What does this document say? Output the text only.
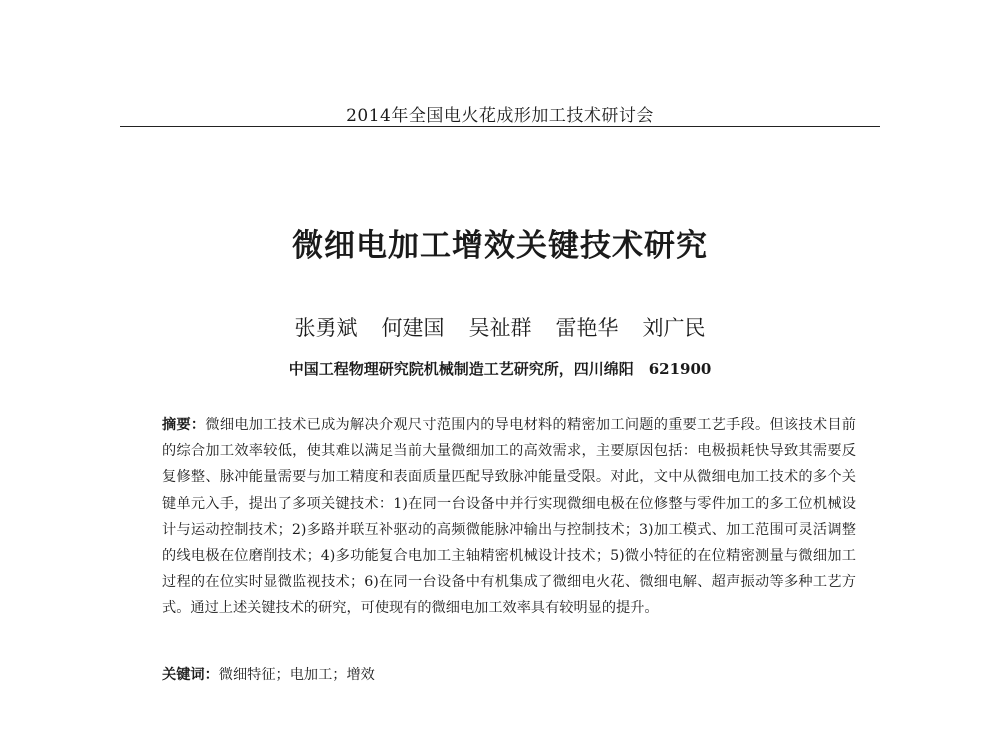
2014年全国电火花成形加工技术研讨会
微细电加工增效关键技术研究
张勇斌 何建国 吴祉群 雷艳华 刘广民
中国工程物理研究院机械制造工艺研究所，四川绵阳　621900

摘要：微细电加工技术已成为解决介观尺寸范围内的导电材料的精密加工问题的重要工艺手段。但该技术目前的综合加工效率较低，使其难以满足当前大量微细加工的高效需求，主要原因包括：电极损耗快导致其需要反复修整、脉冲能量需要与加工精度和表面质量匹配导致脉冲能量受限。对此，文中从微细电加工技术的多个关键单元入手，提出了多项关键技术：1)在同一台设备中并行实现微细电极在位修整与零件加工的多工位机械设计与运动控制技术；2)多路并联互补驱动的高频微能脉冲输出与控制技术；3)加工模式、加工范围可灵活调整的线电极在位磨削技术；4)多功能复合电加工主轴精密机械设计技术；5)微小特征的在位精密测量与微细加工过程的在位实时显微监视技术；6)在同一台设备中有机集成了微细电火花、微细电解、超声振动等多种工艺方式。通过上述关键技术的研究，可使现有的微细电加工效率具有较明显的提升。

关键词：微细特征；电加工；增效
